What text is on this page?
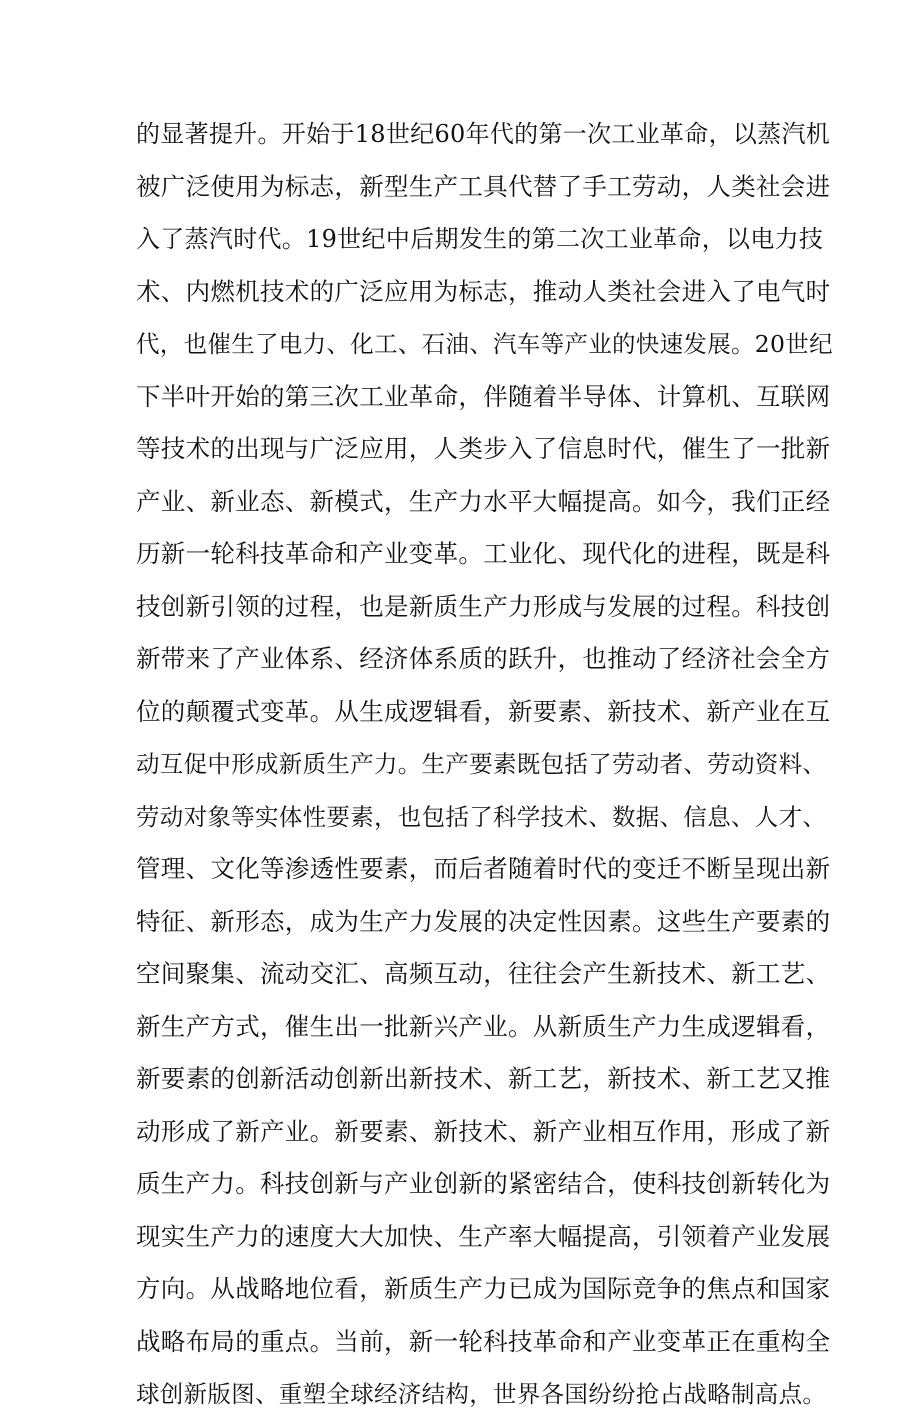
的显著提升。开始于18世纪60年代的第一次工业革命，以蒸汽机
被广泛使用为标志，新型生产工具代替了手工劳动，人类社会进
入了蒸汽时代。19世纪中后期发生的第二次工业革命，以电力技
术、内燃机技术的广泛应用为标志，推动人类社会进入了电气时
代，也催生了电力、化工、石油、汽车等产业的快速发展。20世纪
下半叶开始的第三次工业革命，伴随着半导体、计算机、互联网
等技术的出现与广泛应用，人类步入了信息时代，催生了一批新
产业、新业态、新模式，生产力水平大幅提高。如今，我们正经
历新一轮科技革命和产业变革。工业化、现代化的进程，既是科
技创新引领的过程，也是新质生产力形成与发展的过程。科技创
新带来了产业体系、经济体系质的跃升，也推动了经济社会全方
位的颠覆式变革。从生成逻辑看，新要素、新技术、新产业在互
动互促中形成新质生产力。生产要素既包括了劳动者、劳动资料、
劳动对象等实体性要素，也包括了科学技术、数据、信息、人才、
管理、文化等渗透性要素，而后者随着时代的变迁不断呈现出新
特征、新形态，成为生产力发展的决定性因素。这些生产要素的
空间聚集、流动交汇、高频互动，往往会产生新技术、新工艺、
新生产方式，催生出一批新兴产业。从新质生产力生成逻辑看，
新要素的创新活动创新出新技术、新工艺，新技术、新工艺又推
动形成了新产业。新要素、新技术、新产业相互作用，形成了新
质生产力。科技创新与产业创新的紧密结合，使科技创新转化为
现实生产力的速度大大加快、生产率大幅提高，引领着产业发展
方向。从战略地位看，新质生产力已成为国际竞争的焦点和国家
战略布局的重点。当前，新一轮科技革命和产业变革正在重构全
球创新版图、重塑全球经济结构，世界各国纷纷抢占战略制高点。
